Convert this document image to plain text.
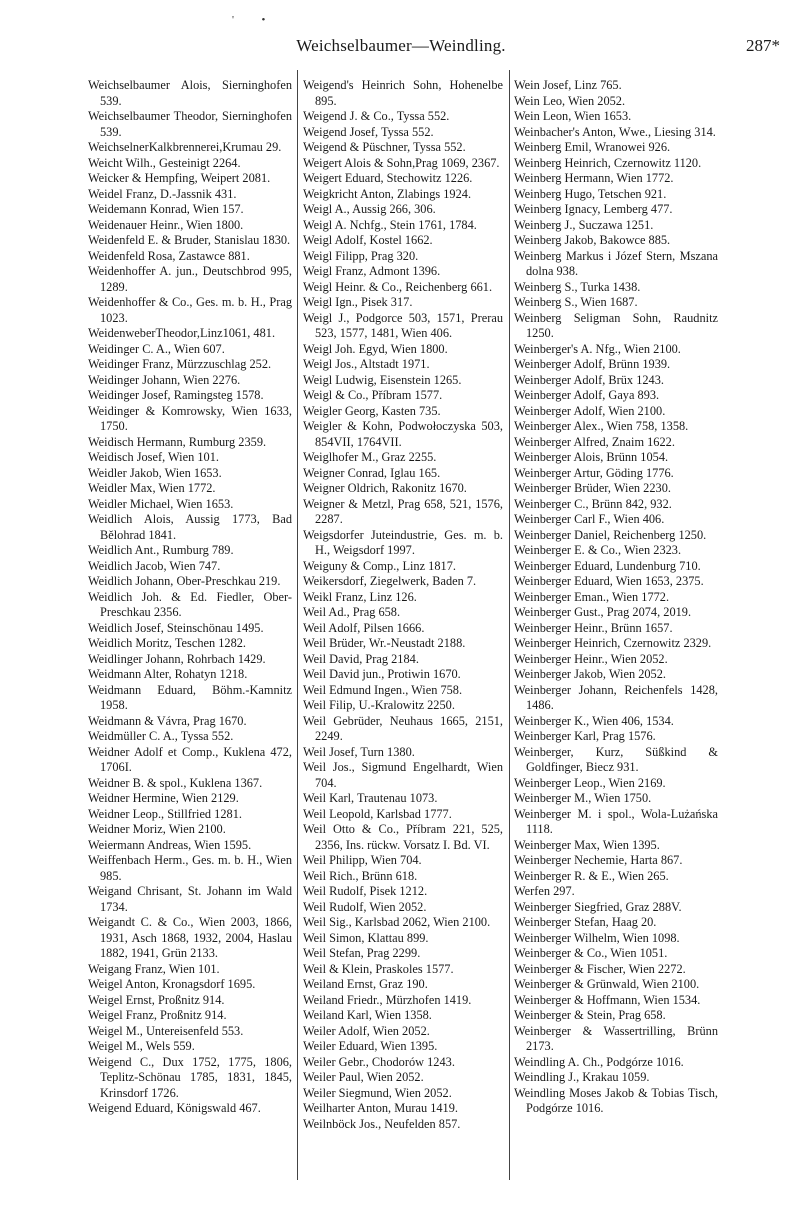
'          •
Weichselbaumer—Weindling.	287*
Weichselbaumer Alois, Sierninghofen 539.
Weichselbaumer Theodor, Sierninghofen 539.
WeichselnerKalkbrennerei,Krumau 29.
Weicht Wilh., Gesteinigt 2264.
Weicker & Hempfing, Weipert 2081.
Weidel Franz, D.-Jassnik 431.
Weidemann Konrad, Wien 157.
Weidenauer Heinr., Wien 1800.
Weidenfeld E. & Bruder, Stanislau 1830.
Weidenfeld Rosa, Zastawce 881.
Weidenhoffer A. jun., Deutschbrod 995, 1289.
Weidenhoffer & Co., Ges. m. b. H., Prag 1023.
WeidenweberTheodor,Linz1061, 481.
Weidinger C. A., Wien 607.
Weidinger Franz, Mürzzuschlag 252.
Weidinger Johann, Wien 2276.
Weidinger Josef, Ramingsteg 1578.
Weidinger & Komrowsky, Wien 1633, 1750.
Weidisch Hermann, Rumburg 2359.
Weidisch Josef, Wien 101.
Weidler Jakob, Wien 1653.
Weidler Max, Wien 1772.
Weidler Michael, Wien 1653.
Weidlich Alois, Aussig 1773, Bad Bělohrad 1841.
Weidlich Ant., Rumburg 789.
Weidlich Jacob, Wien 747.
Weidlich Johann, Ober-Preschkau 219.
Weidlich Joh. & Ed. Fiedler, Ober-Preschkau 2356.
Weidlich Josef, Steinschönau 1495.
Weidlich Moritz, Teschen 1282.
Weidlinger Johann, Rohrbach 1429.
Weidmann Alter, Rohatyn 1218.
Weidmann Eduard, Böhm.-Kamnitz 1958.
Weidmann & Vávra, Prag 1670.
Weidmüller C. A., Tyssa 552.
Weidner Adolf et Comp., Kuklena 472, 1706I.
Weidner B. & spol., Kuklena 1367.
Weidner Hermine, Wien 2129.
Weidner Leop., Stillfried 1281.
Weidner Moriz, Wien 2100.
Weiermann Andreas, Wien 1595.
Weiffenbach Herm., Ges. m. b. H., Wien 985.
Weigand Chrisant, St. Johann im Wald 1734.
Weigandt C. & Co., Wien 2003, 1866, 1931, Asch 1868, 1932, 2004, Haslau 1882, 1941, Grün 2133.
Weigang Franz, Wien 101.
Weigel Anton, Kronagsdorf 1695.
Weigel Ernst, Proßnitz 914.
Weigel Franz, Proßnitz 914.
Weigel M., Untereisenfeld 553.
Weigel M., Wels 559.
Weigend C., Dux 1752, 1775, 1806, Teplitz-Schönau 1785, 1831, 1845, Krinsdorf 1726.
Weigend Eduard, Königswald 467.
Weigend's Heinrich Sohn, Hohenelbe 895.
Weigend J. & Co., Tyssa 552.
Weigend Josef, Tyssa 552.
Weigend & Püschner, Tyssa 552.
Weigert Alois & Sohn,Prag 1069, 2367.
Weigert Eduard, Stechowitz 1226.
Weigkricht Anton, Zlabings 1924.
Weigl A., Aussig 266, 306.
Weigl A. Nchfg., Stein 1761, 1784.
Weigl Adolf, Kostel 1662.
Weigl Filipp, Prag 320.
Weigl Franz, Admont 1396.
Weigl Heinr. & Co., Reichenberg 661.
Weigl Ign., Pisek 317.
Weigl J., Podgorce 503, 1571, Prerau 523, 1577, 1481, Wien 406.
Weigl Joh. Egyd, Wien 1800.
Weigl Jos., Altstadt 1971.
Weigl Ludwig, Eisenstein 1265.
Weigl & Co., Příbram 1577.
Weigler Georg, Kasten 735.
Weigler & Kohn, Podwołoczyska 503, 854VII, 1764VII.
Weiglhofer M., Graz 2255.
Weigner Conrad, Iglau 165.
Weigner Oldrich, Rakonitz 1670.
Weigner & Metzl, Prag 658, 521, 1576, 2287.
Weigsdorfer Juteindustrie, Ges. m. b. H., Weigsdorf 1997.
Weiguny & Comp., Linz 1817.
Weikersdorf, Ziegelwerk, Baden 7.
Weikl Franz, Linz 126.
Weil Ad., Prag 658.
Weil Adolf, Pilsen 1666.
Weil Brüder, Wr.-Neustadt 2188.
Weil David, Prag 2184.
Weil David jun., Protiwin 1670.
Weil Edmund Ingen., Wien 758.
Weil Filip, U.-Kralowitz 2250.
Weil Gebrüder, Neuhaus 1665, 2151, 2249.
Weil Josef, Turn 1380.
Weil Jos., Sigmund Engelhardt, Wien 704.
Weil Karl, Trautenau 1073.
Weil Leopold, Karlsbad 1777.
Weil Otto & Co., Příbram 221, 525, 2356, Ins. rückw. Vorsatz I. Bd. VI.
Weil Philipp, Wien 704.
Weil Rich., Brünn 618.
Weil Rudolf, Pisek 1212.
Weil Rudolf, Wien 2052.
Weil Sig., Karlsbad 2062, Wien 2100.
Weil Simon, Klattau 899.
Weil Stefan, Prag 2299.
Weil & Klein, Praskoles 1577.
Weiland Ernst, Graz 190.
Weiland Friedr., Mürzhofen 1419.
Weiland Karl, Wien 1358.
Weiler Adolf, Wien 2052.
Weiler Eduard, Wien 1395.
Weiler Gebr., Chodorów 1243.
Weiler Paul, Wien 2052.
Weiler Siegmund, Wien 2052.
Weilharter Anton, Murau 1419.
Weilnböck Jos., Neufelden 857.
Wein Josef, Linz 765.
Wein Leo, Wien 2052.
Wein Leon, Wien 1653.
Weinbacher's Anton, Wwe., Liesing 314.
Weinberg Emil, Wranowei 926.
Weinberg Heinrich, Czernowitz 1120.
Weinberg Hermann, Wien 1772.
Weinberg Hugo, Tetschen 921.
Weinberg Ignacy, Lemberg 477.
Weinberg J., Suczawa 1251.
Weinberg Jakob, Bakowce 885.
Weinberg Markus i Józef Stern, Mszana dolna 938.
Weinberg S., Turka 1438.
Weinberg S., Wien 1687.
Weinberg Seligman Sohn, Raudnitz 1250.
Weinberger's A. Nfg., Wien 2100.
Weinberger Adolf, Brünn 1939.
Weinberger Adolf, Brüx 1243.
Weinberger Adolf, Gaya 893.
Weinberger Adolf, Wien 2100.
Weinberger Alex., Wien 758, 1358.
Weinberger Alfred, Znaim 1622.
Weinberger Alois, Brünn 1054.
Weinberger Artur, Göding 1776.
Weinberger Brüder, Wien 2230.
Weinberger C., Brünn 842, 932.
Weinberger Carl F., Wien 406.
Weinberger Daniel, Reichenberg 1250.
Weinberger E. & Co., Wien 2323.
Weinberger Eduard, Lundenburg 710.
Weinberger Eduard, Wien 1653, 2375.
Weinberger Eman., Wien 1772.
Weinberger Gust., Prag 2074, 2019.
Weinberger Heinr., Brünn 1657.
Weinberger Heinrich, Czernowitz 2329.
Weinberger Heinr., Wien 2052.
Weinberger Jakob, Wien 2052.
Weinberger Johann, Reichenfels 1428, 1486.
Weinberger K., Wien 406, 1534.
Weinberger Karl, Prag 1576.
Weinberger, Kurz, Süßkind & Goldfinger, Biecz 931.
Weinberger Leop., Wien 2169.
Weinberger M., Wien 1750.
Weinberger M. i spol., Wola-Lużańska 1118.
Weinberger Max, Wien 1395.
Weinberger Nechemie, Harta 867.
Weinberger R. & E., Wien 265.
Werfen 297.
Weinberger Siegfried, Graz 288V.
Weinberger Stefan, Haag 20.
Weinberger Wilhelm, Wien 1098.
Weinberger & Co., Wien 1051.
Weinberger & Fischer, Wien 2272.
Weinberger & Grünwald, Wien 2100.
Weinberger & Hoffmann, Wien 1534.
Weinberger & Stein, Prag 658.
Weinberger & Wassertrilling, Brünn 2173.
Weindling A. Ch., Podgórze 1016.
Weindling J., Krakau 1059.
Weindling Moses Jakob & Tobias Tisch, Podgórze 1016.
